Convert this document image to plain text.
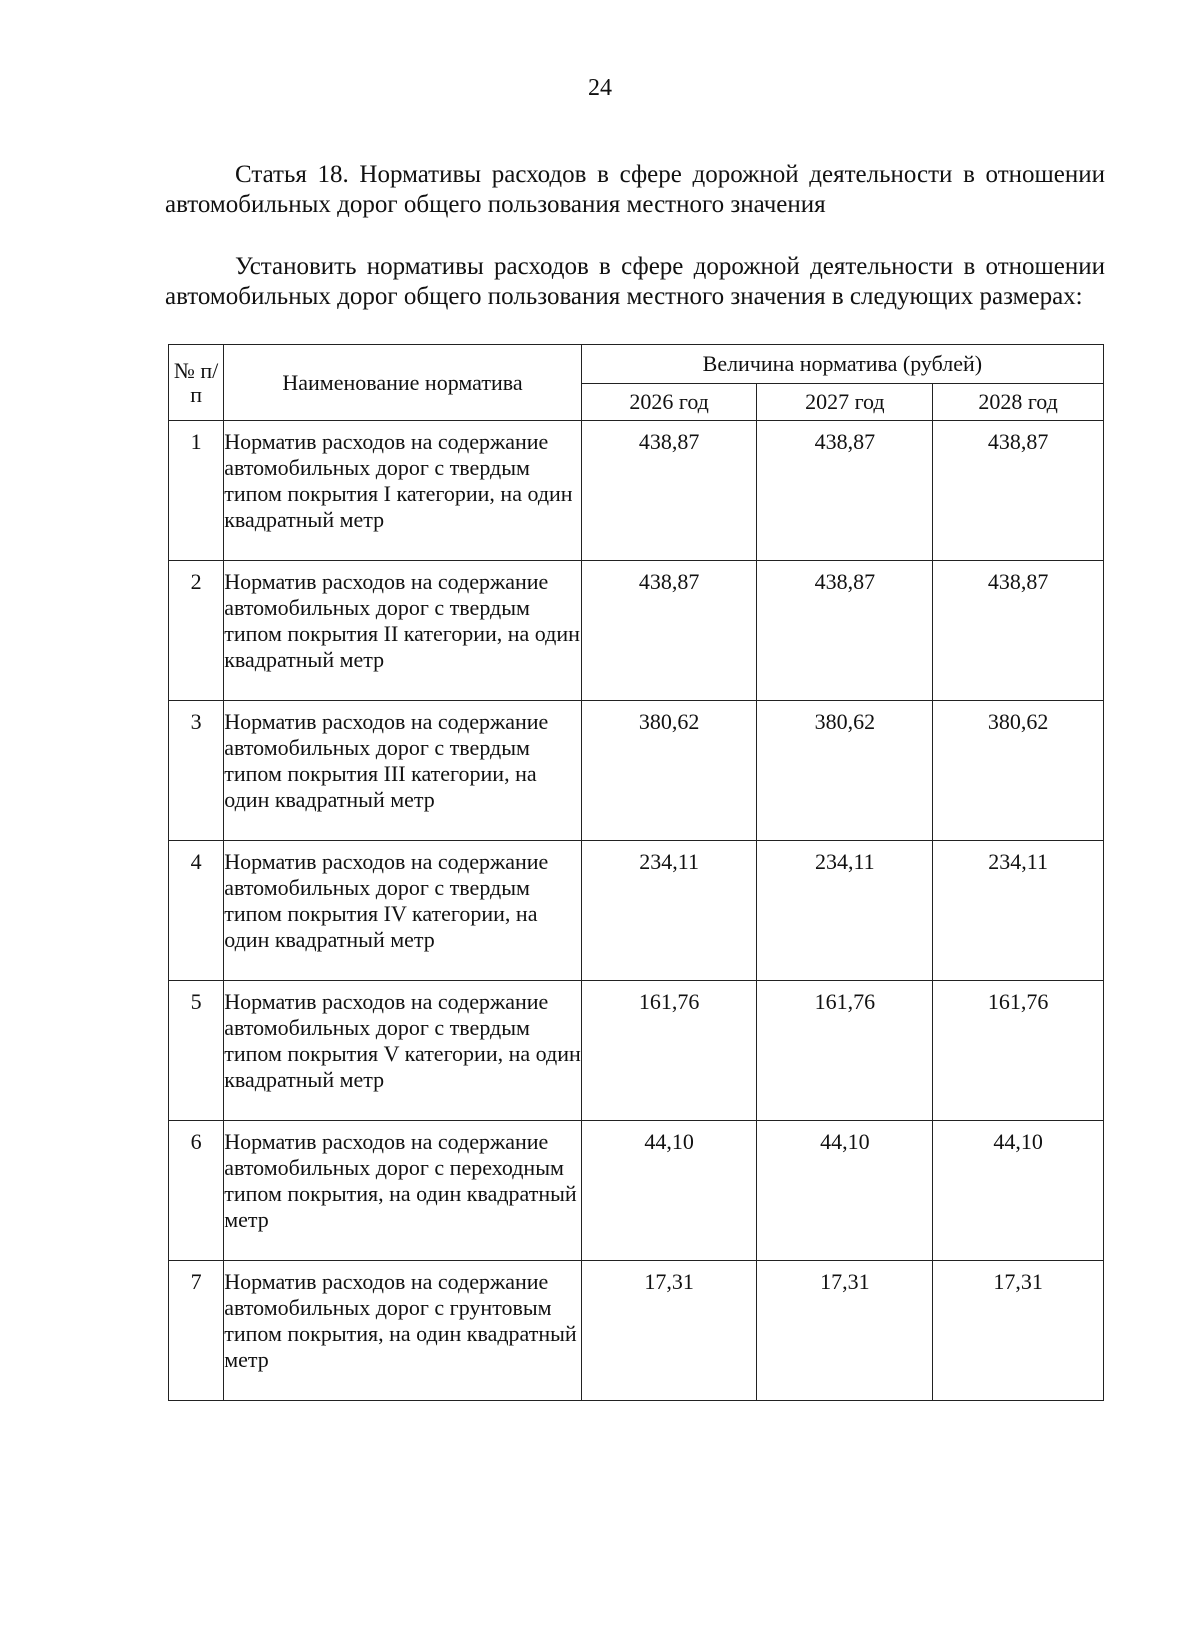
24
Статья 18. Нормативы расходов в сфере дорожной деятельности в отношении автомобильных дорог общего пользования местного значения
Установить нормативы расходов в сфере дорожной деятельности в отношении автомобильных дорог общего пользования местного значения в следующих размерах:
№ п/п	Наименование норматива	Величина норматива (рублей)		
		2026 год	2027 год	2028 год
1	Норматив расходов на содержание автомобильных дорог с твердым типом покрытия I категории, на один квадратный метр	438,87	438,87	438,87
2	Норматив расходов на содержание автомобильных дорог с твердым типом покрытия II категории, на один квадратный метр	438,87	438,87	438,87
3	Норматив расходов на содержание автомобильных дорог с твердым типом покрытия III категории, на один квадратный метр	380,62	380,62	380,62
4	Норматив расходов на содержание автомобильных дорог с твердым типом покрытия IV категории, на один квадратный метр	234,11	234,11	234,11
5	Норматив расходов на содержание автомобильных дорог с твердым типом покрытия V категории, на один квадратный метр	161,76	161,76	161,76
6	Норматив расходов на содержание автомобильных дорог с переходным типом покрытия, на один квадратный метр	44,10	44,10	44,10
7	Норматив расходов на содержание автомобильных дорог с грунтовым типом покрытия, на один квадратный метр	17,31	17,31	17,31
